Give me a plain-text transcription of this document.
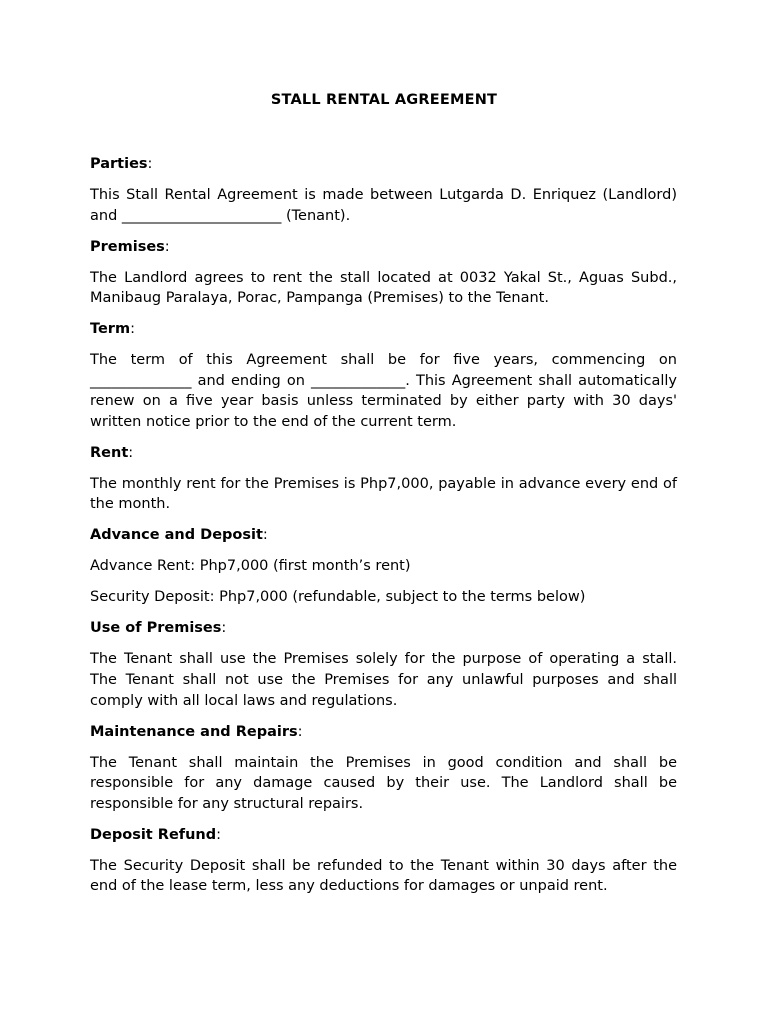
STALL RENTAL AGREEMENT
Parties:
This Stall Rental Agreement is made between Lutgarda D. Enriquez (Landlord) and ______________________ (Tenant).
Premises:
The Landlord agrees to rent the stall located at 0032 Yakal St., Aguas Subd., Manibaug Paralaya, Porac, Pampanga (Premises) to the Tenant.
Term:
The term of this Agreement shall be for five years, commencing on ______________ and ending on _____________. This Agreement shall automatically renew on a five year basis unless terminated by either party with 30 days' written notice prior to the end of the current term.
Rent:
The monthly rent for the Premises is Php7,000, payable in advance every end of the month.
Advance and Deposit:
Advance Rent: Php7,000 (first month’s rent)
Security Deposit: Php7,000 (refundable, subject to the terms below)
Use of Premises:
The Tenant shall use the Premises solely for the purpose of operating a stall. The Tenant shall not use the Premises for any unlawful purposes and shall comply with all local laws and regulations.
Maintenance and Repairs:
The Tenant shall maintain the Premises in good condition and shall be responsible for any damage caused by their use. The Landlord shall be responsible for any structural repairs.
Deposit Refund:
The Security Deposit shall be refunded to the Tenant within 30 days after the end of the lease term, less any deductions for damages or unpaid rent.
